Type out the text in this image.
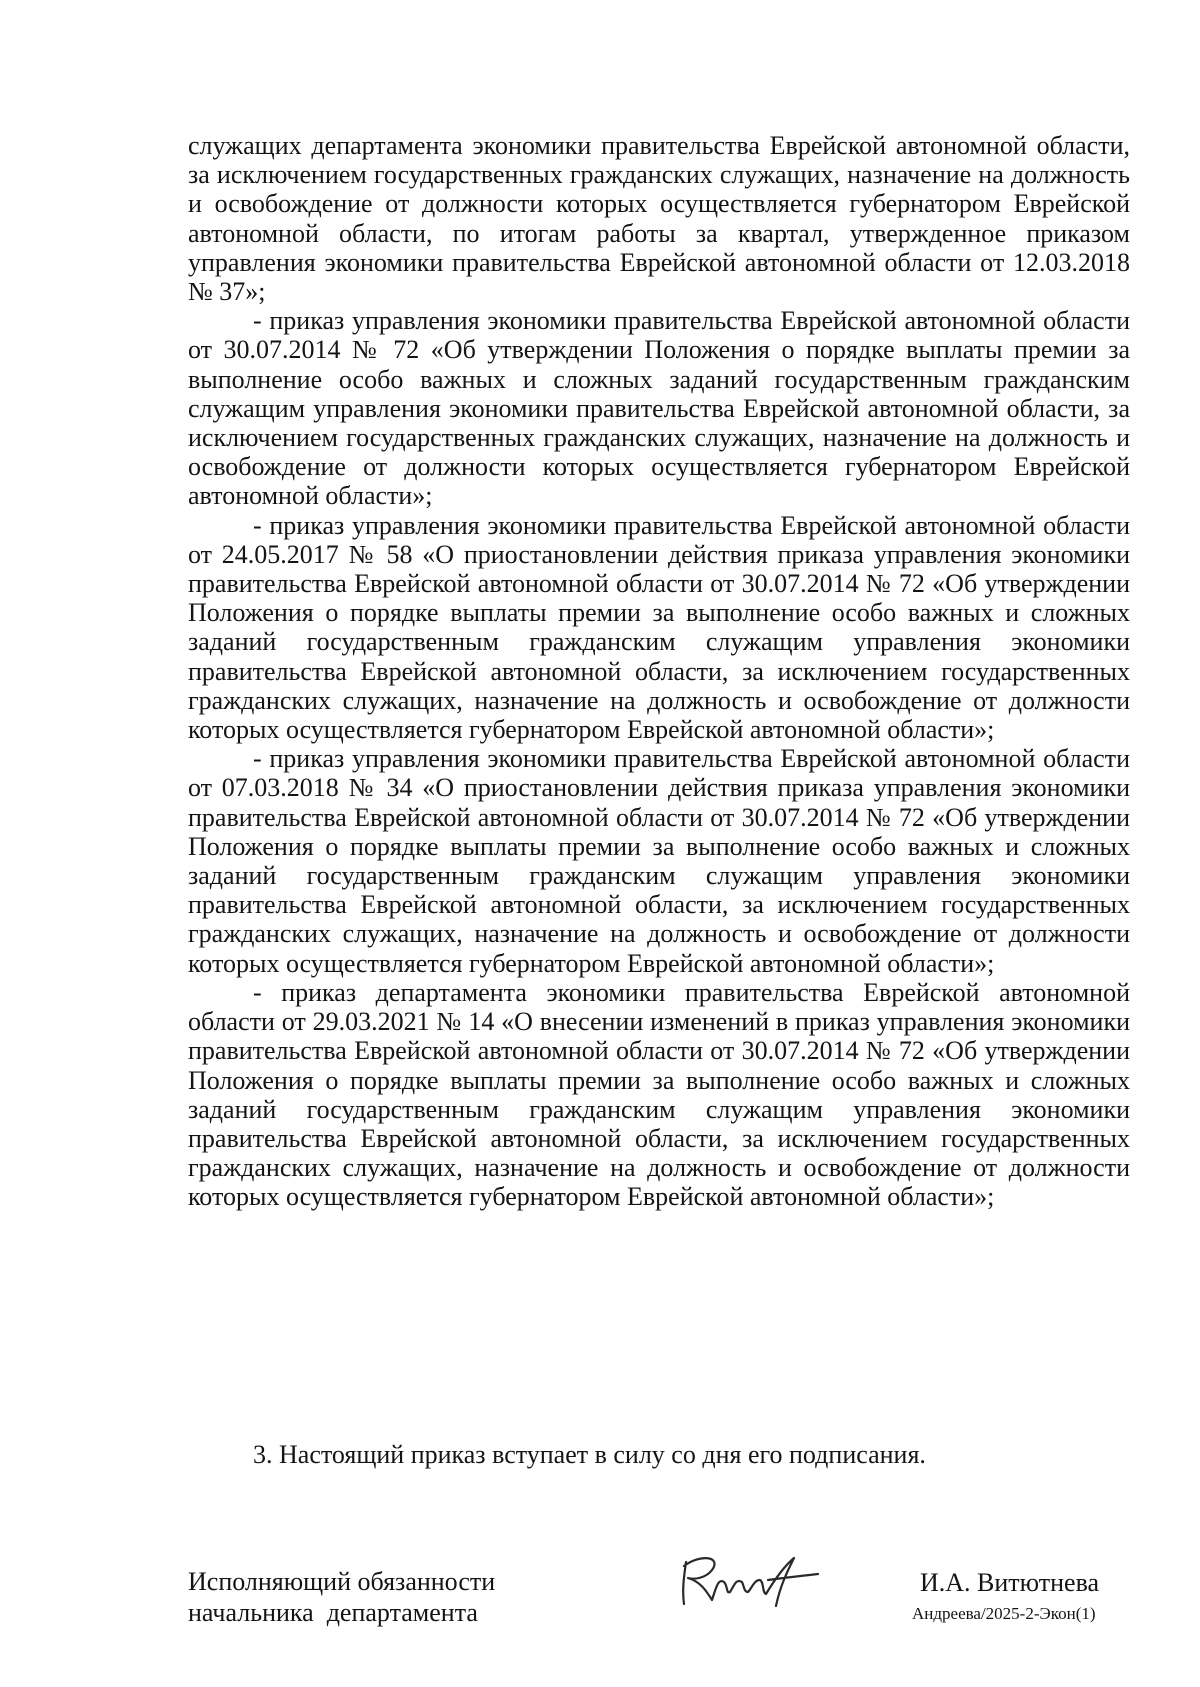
служащих департамента экономики правительства Еврейской автономной области, за исключением государственных гражданских служащих, назначение на должность и освобождение от должности которых осуществляется губернатором Еврейской автономной области, по итогам работы за квартал, утвержденное приказом управления экономики правительства Еврейской автономной области от 12.03.2018 № 37»;

- приказ управления экономики правительства Еврейской автономной области от 30.07.2014 № 72 «Об утверждении Положения о порядке выплаты премии за выполнение особо важных и сложных заданий государственным гражданским служащим управления экономики правительства Еврейской автономной области, за исключением государственных гражданских служащих, назначение на должность и освобождение от должности которых осуществляется губернатором Еврейской автономной области»;

- приказ управления экономики правительства Еврейской автономной области от 24.05.2017 № 58 «О приостановлении действия приказа управления экономики правительства Еврейской автономной области от 30.07.2014 № 72 «Об утверждении Положения о порядке выплаты премии за выполнение особо важных и сложных заданий государственным гражданским служащим управления экономики правительства Еврейской автономной области, за исключением государственных гражданских служащих, назначение на должность и освобождение от должности которых осуществляется губернатором Еврейской автономной области»;

- приказ управления экономики правительства Еврейской автономной области от 07.03.2018 № 34 «О приостановлении действия приказа управления экономики правительства Еврейской автономной области от 30.07.2014 № 72 «Об утверждении Положения о порядке выплаты премии за выполнение особо важных и сложных заданий государственным гражданским служащим управления экономики правительства Еврейской автономной области, за исключением государственных гражданских служащих, назначение на должность и освобождение от должности которых осуществляется губернатором Еврейской автономной области»;

- приказ департамента экономики правительства Еврейской автономной области от 29.03.2021 № 14 «О внесении изменений в приказ управления экономики правительства Еврейской автономной области от 30.07.2014 № 72 «Об утверждении Положения о порядке выплаты премии за выполнение особо важных и сложных заданий государственным гражданским служащим управления экономики правительства Еврейской автономной области, за исключением государственных гражданских служащих, назначение на должность и освобождение от должности которых осуществляется губернатором Еврейской автономной области»;

3. Настоящий приказ вступает в силу со дня его подписания.
Исполняющий обязанности
начальника  департамента
И.А. Витютнева
Андреева/2025-2-Экон(1)
